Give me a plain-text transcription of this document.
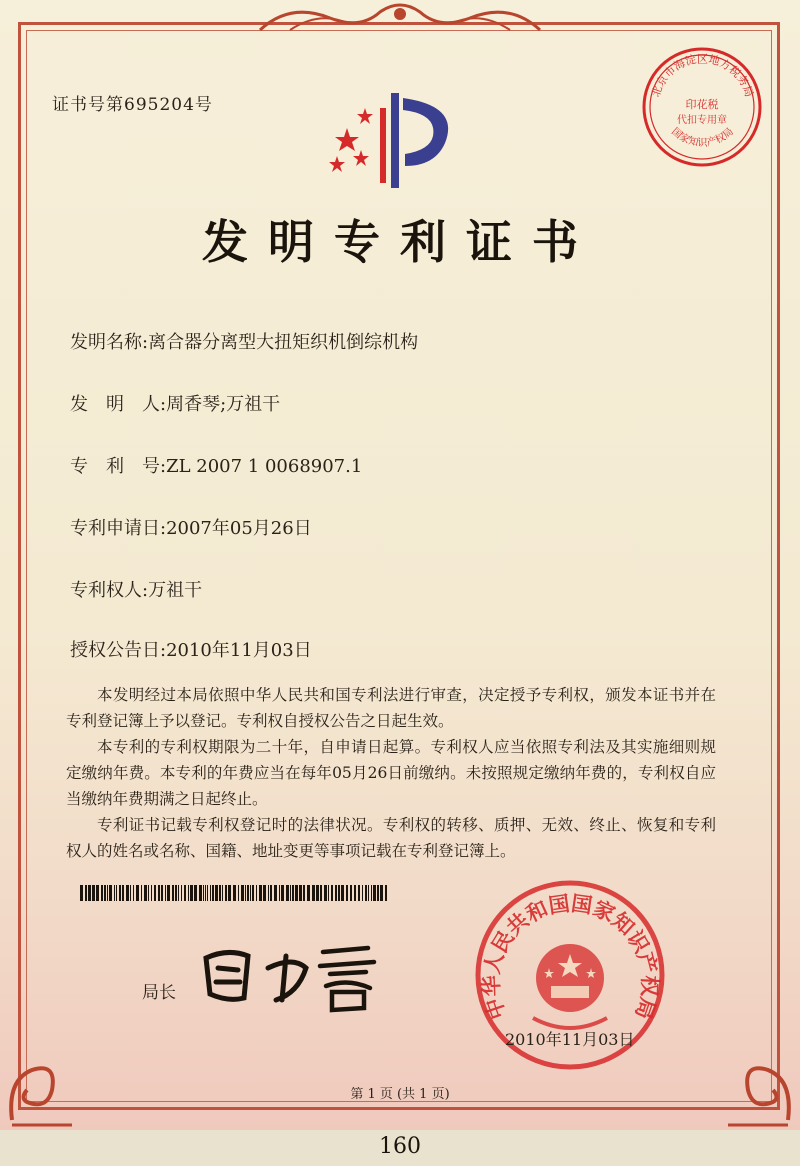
证书号第695204号
北京市海淀区地方税务局
国家知识产权局
印花税
代扣专用章
发明专利证书
发明名称:离合器分离型大扭矩织机倒综机构
发　明　人:周香琴;万祖干
专　利　号:ZL 2007 1 0068907.1
专利申请日:2007年05月26日
专利权人:万祖干
授权公告日:2010年11月03日

本发明经过本局依照中华人民共和国专利法进行审查，决定授予专利权，颁发本证书并在专利登记簿上予以登记。专利权自授权公告之日起生效。

本专利的专利权期限为二十年，自申请日起算。专利权人应当依照专利法及其实施细则规定缴纳年费。本专利的年费应当在每年05月26日前缴纳。未按照规定缴纳年费的，专利权自应当缴纳年费期满之日起终止。

专利证书记载专利权登记时的法律状况。专利权的转移、质押、无效、终止、恢复和专利权人的姓名或名称、国籍、地址变更等事项记载在专利登记簿上。

局长
中华人民共和国国家知识产权局
2010年11月03日
第 1 页 (共 1 页)
160
